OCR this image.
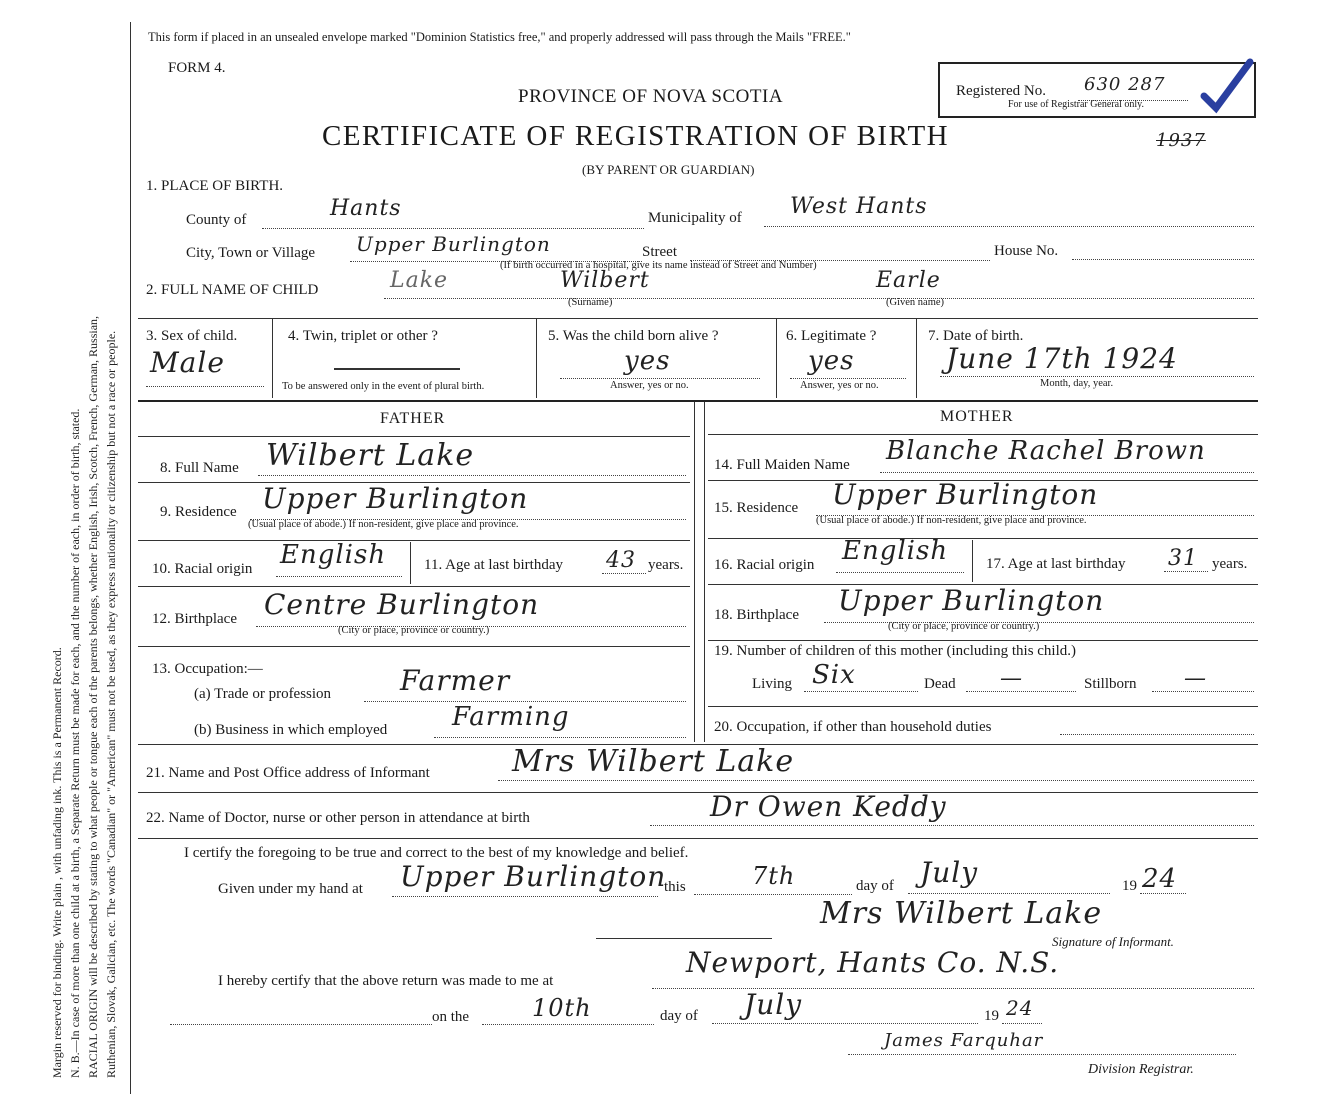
Margin reserved for binding. Write plain , with unfading ink. This is a Permanent Record. N. B.—In case of more than one child at a birth, a Separate Return must be made for each, and the number of each, in order of birth, stated. RACIAL ORIGIN will be described by stating to what people or tongue each of the parents belongs, whether English, Irish, Scotch, French, German, Russian, Ruthenian, Slovak, Galician, etc. The words "Canadian" or "American" must not be used, as they express nationality or citizenship but not a race or people.
This form if placed in an unsealed envelope marked "Dominion Statistics free," and properly addressed will pass through the Mails "FREE."
FORM 4.
PROVINCE OF NOVA SCOTIA
CERTIFICATE OF REGISTRATION OF BIRTH
(BY PARENT OR GUARDIAN)
Registered No. 630 287
For use of Registrar General only.
1937
1. PLACE OF BIRTH.
County of	Hants	Municipality of West Hants
City, Town or Village Upper Burlington	Street	House No.
(If birth occurred in a hospital, give its name instead of Street and Number)
2. FULL NAME OF CHILD	Lake	Wilbert	Earle
(Surname)	(Given name)
3. Sex of child.
Male
4. Twin, triplet or other ?
To be answered only in the event of plural birth.
5. Was the child born alive ?
yes
Answer, yes or no.
6. Legitimate ?
yes
Answer, yes or no.
7. Date of birth.
June 17th 1924
Month, day, year.
FATHER	MOTHER
8. Full Name Wilbert Lake
9. Residence Upper Burlington
(Usual place of abode.) If non-resident, give place and province.
10. Racial origin English	11. Age at last birthday 43 years.
12. Birthplace Centre Burlington
(City or place, province or country.)
13. Occupation:—
(a) Trade or profession Farmer
(b) Business in which employed Farming
14. Full Maiden Name Blanche Rachel Brown
15. Residence Upper Burlington
(Usual place of abode.) If non-resident, give place and province.
16. Racial origin English	17. Age at last birthday 31 years.
18. Birthplace Upper Burlington
(City or place, province or country.)
19. Number of children of this mother (including this child.)
Living Six	Dead —	Stillborn —
20. Occupation, if other than household duties
21. Name and Post Office address of Informant	Mrs Wilbert Lake
22. Name of Doctor, nurse or other person in attendance at birth	Dr Owen Keddy
I certify the foregoing to be true and correct to the best of my knowledge and belief.
Given under my hand at Upper Burlington
this	7th	day of July	19 24
Mrs Wilbert Lake
Signature of Informant.
I hereby certify that the above return was made to me at
Newport, Hants Co. N.S.
on the	10th	day of July	19 24
James Farquhar
Division Registrar.
